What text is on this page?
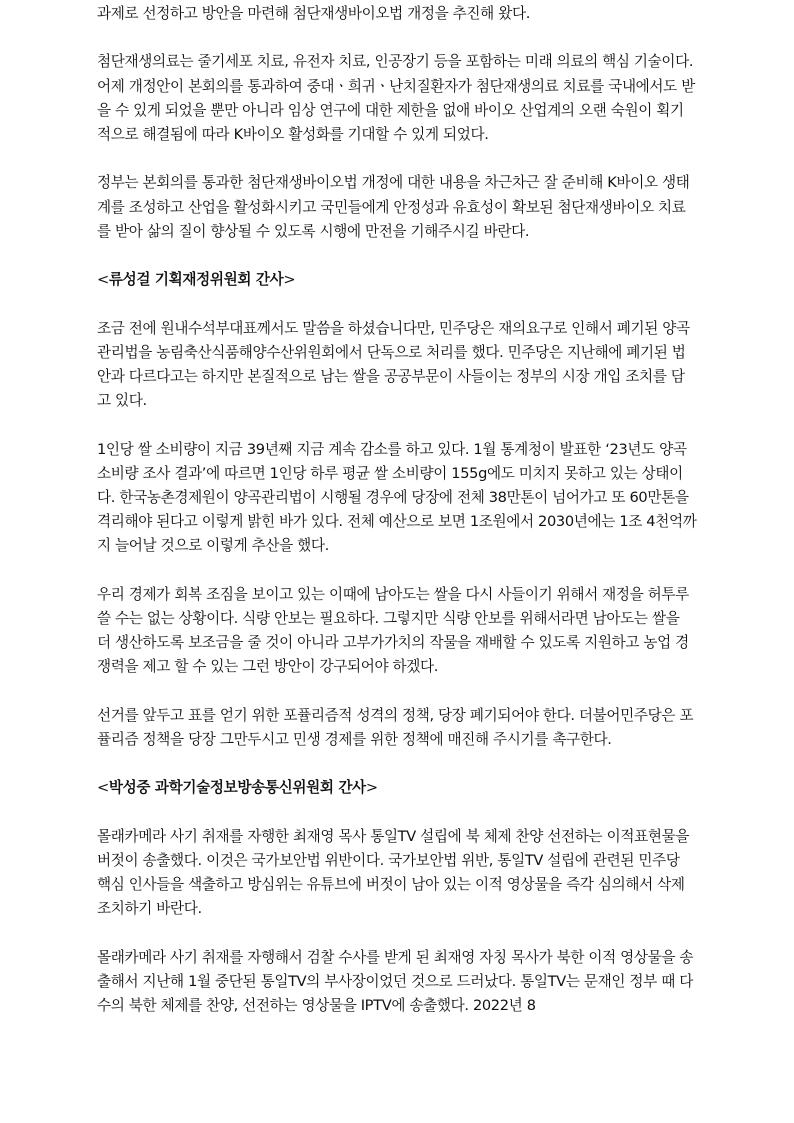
과제로 선정하고 방안을 마련해 첨단재생바이오법 개정을 추진해 왔다.

첨단재생의료는 줄기세포 치료, 유전자 치료, 인공장기 등을 포함하는 미래 의료의 핵심 기술이다. 어제 개정안이 본회의를 통과하여 중대ㆍ희귀ㆍ난치질환자가 첨단재생의료 치료를 국내에서도 받을 수 있게 되었을 뿐만 아니라 임상 연구에 대한 제한을 없애 바이오 산업계의 오랜 숙원이 획기적으로 해결됨에 따라 K바이오 활성화를 기대할 수 있게 되었다.

정부는 본회의를 통과한 첨단재생바이오법 개정에 대한 내용을 차근차근 잘 준비해 K바이오 생태계를 조성하고 산업을 활성화시키고 국민들에게 안정성과 유효성이 확보된 첨단재생바이오 치료를 받아 삶의 질이 향상될 수 있도록 시행에 만전을 기해주시길 바란다.

<류성걸 기획재정위원회 간사>

조금 전에 원내수석부대표께서도 말씀을 하셨습니다만, 민주당은 재의요구로 인해서 폐기된 양곡관리법을 농림축산식품해양수산위원회에서 단독으로 처리를 했다. 민주당은 지난해에 폐기된 법안과 다르다고는 하지만 본질적으로 남는 쌀을 공공부문이 사들이는 정부의 시장 개입 조치를 담고 있다.

1인당 쌀 소비량이 지금 39년째 지금 계속 감소를 하고 있다. 1월 통계청이 발표한 ‘23년도 양곡 소비량 조사 결과’에 따르면 1인당 하루 평균 쌀 소비량이 155g에도 미치지 못하고 있는 상태이다. 한국농촌경제원이 양곡관리법이 시행될 경우에 당장에 전체 38만톤이 넘어가고 또 60만톤을 격리해야 된다고 이렇게 밝힌 바가 있다. 전체 예산으로 보면 1조원에서 2030년에는 1조 4천억까지 늘어날 것으로 이렇게 추산을 했다.

우리 경제가 회복 조짐을 보이고 있는 이때에 남아도는 쌀을 다시 사들이기 위해서 재정을 허투루 쓸 수는 없는 상황이다. 식량 안보는 필요하다. 그렇지만 식량 안보를 위해서라면 남아도는 쌀을 더 생산하도록 보조금을 줄 것이 아니라 고부가가치의 작물을 재배할 수 있도록 지원하고 농업 경쟁력을 제고 할 수 있는 그런 방안이 강구되어야 하겠다.

선거를 앞두고 표를 얻기 위한 포퓰리즘적 성격의 정책, 당장 폐기되어야 한다. 더불어민주당은 포퓰리즘 정책을 당장 그만두시고 민생 경제를 위한 정책에 매진해 주시기를 촉구한다.

<박성중 과학기술정보방송통신위원회 간사>

몰래카메라 사기 취재를 자행한 최재영 목사 통일TV 설립에 북 체제 찬양 선전하는 이적표현물을 버젓이 송출했다. 이것은 국가보안법 위반이다. 국가보안법 위반, 통일TV 설립에 관련된 민주당 핵심 인사들을 색출하고 방심위는 유튜브에 버젓이 남아 있는 이적 영상물을 즉각 심의해서 삭제 조치하기 바란다.

몰래카메라 사기 취재를 자행해서 검찰 수사를 받게 된 최재영 자칭 목사가 북한 이적 영상물을 송출해서 지난해 1월 중단된 통일TV의 부사장이었던 것으로 드러났다. 통일TV는 문재인 정부 때 다수의 북한 체제를 찬양, 선전하는 영상물을 IPTV에 송출했다. 2022년 8
